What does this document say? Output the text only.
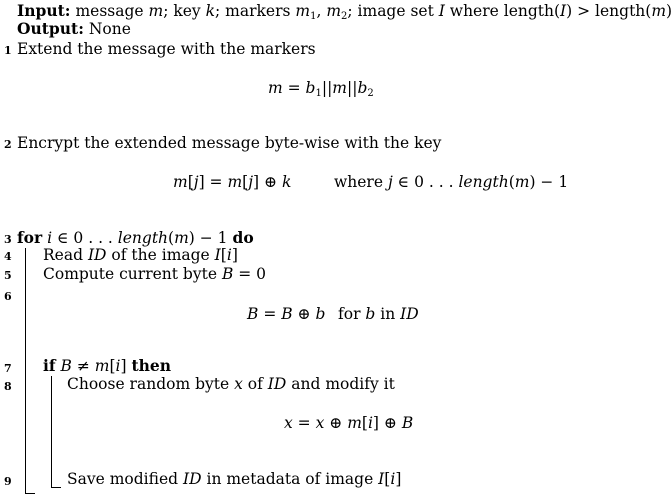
Input: message m; key k; markers $m_1$, $m_2$; image set I where length(I) > length(m)
Output: None
1 Extend the message with the markers
$m = b_1||m||b_2$
2 Encrypt the extended message byte-wise with the key
m[j] = m[j] ⊕ k	where j ∈ 0 . . . length(m) − 1
3 for i ∈ 0 . . . length(m) − 1 do
4 Read ID of the image I[i]
5 Compute current byte B = 0
6
B = B ⊕ b for b in ID
7 if B ≠ m[i] then
8	Choose random byte x of ID and modify it
x = x ⊕ m[i] ⊕ B
9	Save modified ID in metadata of image I[i]
